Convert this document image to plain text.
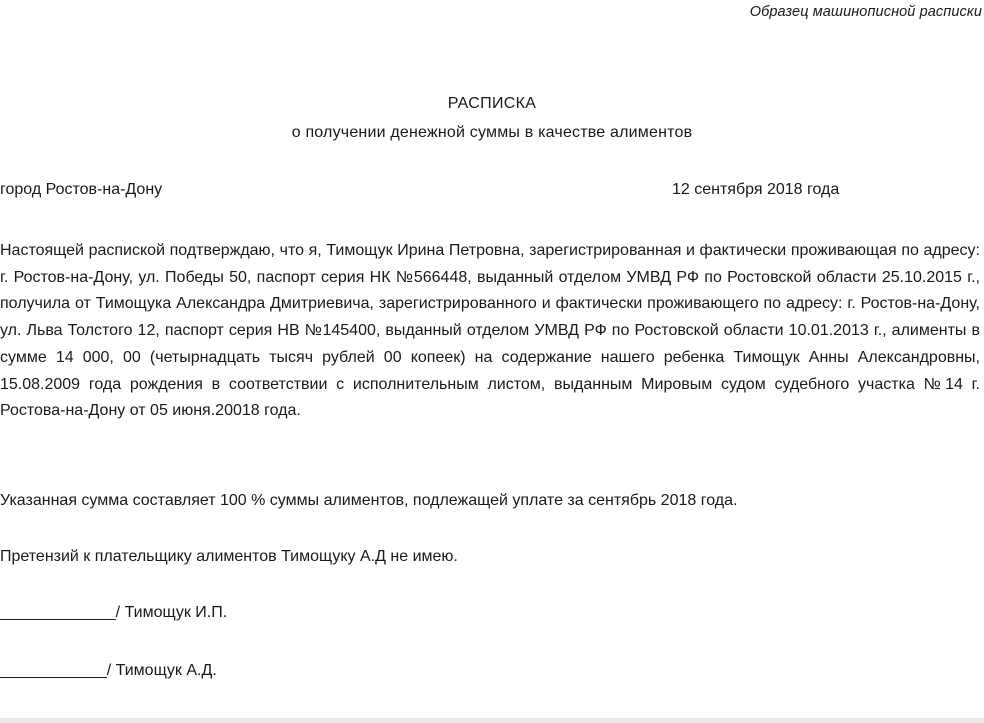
Образец машинописной расписки
РАСПИСКА
о получении денежной суммы в качестве алиментов
город Ростов-на-Дону	12 сентября 2018 года
Настоящей распиской подтверждаю, что я, Тимощук Ирина Петровна, зарегистрированная и фактически проживающая по адресу: г. Ростов-на-Дону, ул. Победы 50, паспорт серия НК №566448, выданный отделом УМВД РФ по Ростовской области 25.10.2015 г., получила от Тимощука Александра Дмитриевича, зарегистрированного и фактически проживающего по адресу: г. Ростов-на-Дону, ул. Льва Толстого 12, паспорт серия НВ №145400, выданный отделом УМВД РФ по Ростовской области 10.01.2013 г., алименты в сумме 14 000, 00 (четырнадцать тысяч рублей 00 копеек) на содержание нашего ребенка Тимощук Анны Александровны, 15.08.2009 года рождения в соответствии с исполнительным листом, выданным Мировым судом судебного участка №14 г. Ростова-на-Дону от 05 июня.20018 года.
Указанная сумма составляет 100 % суммы алиментов, подлежащей уплате за сентябрь 2018 года.
Претензий к плательщику алиментов Тимощуку А.Д не имею.
_____________/ Тимощук И.П.
____________/ Тимощук А.Д.
